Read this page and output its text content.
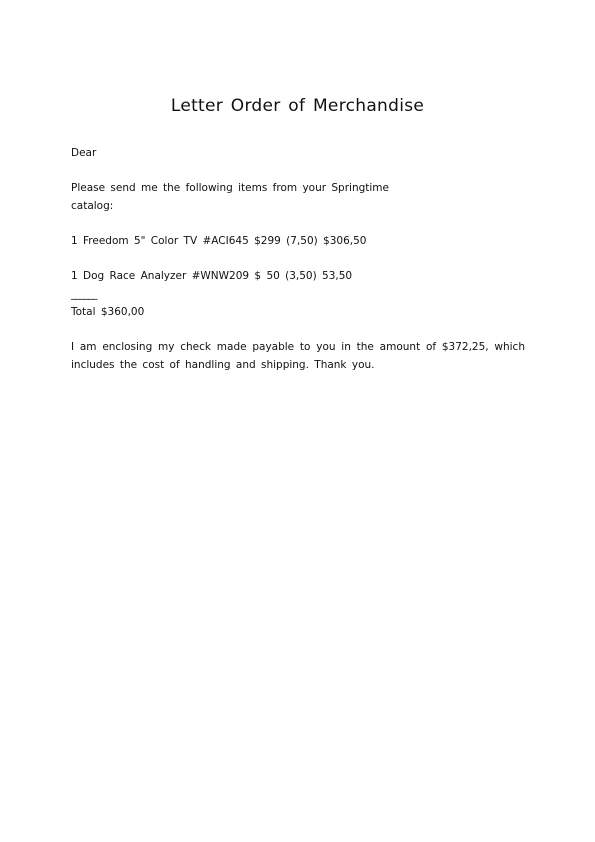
Letter Order of Merchandise

Dear

Please send me the following items from your Springtime

catalog:

1 Freedom 5" Color TV #ACI645 $299 (7,50) $306,50

1 Dog Race Analyzer #WNW209 $ 50 (3,50) 53,50

______

Total $360,00

I am enclosing my check made payable to you in the amount of $372,25, which includes the cost of handling and shipping. Thank you.
